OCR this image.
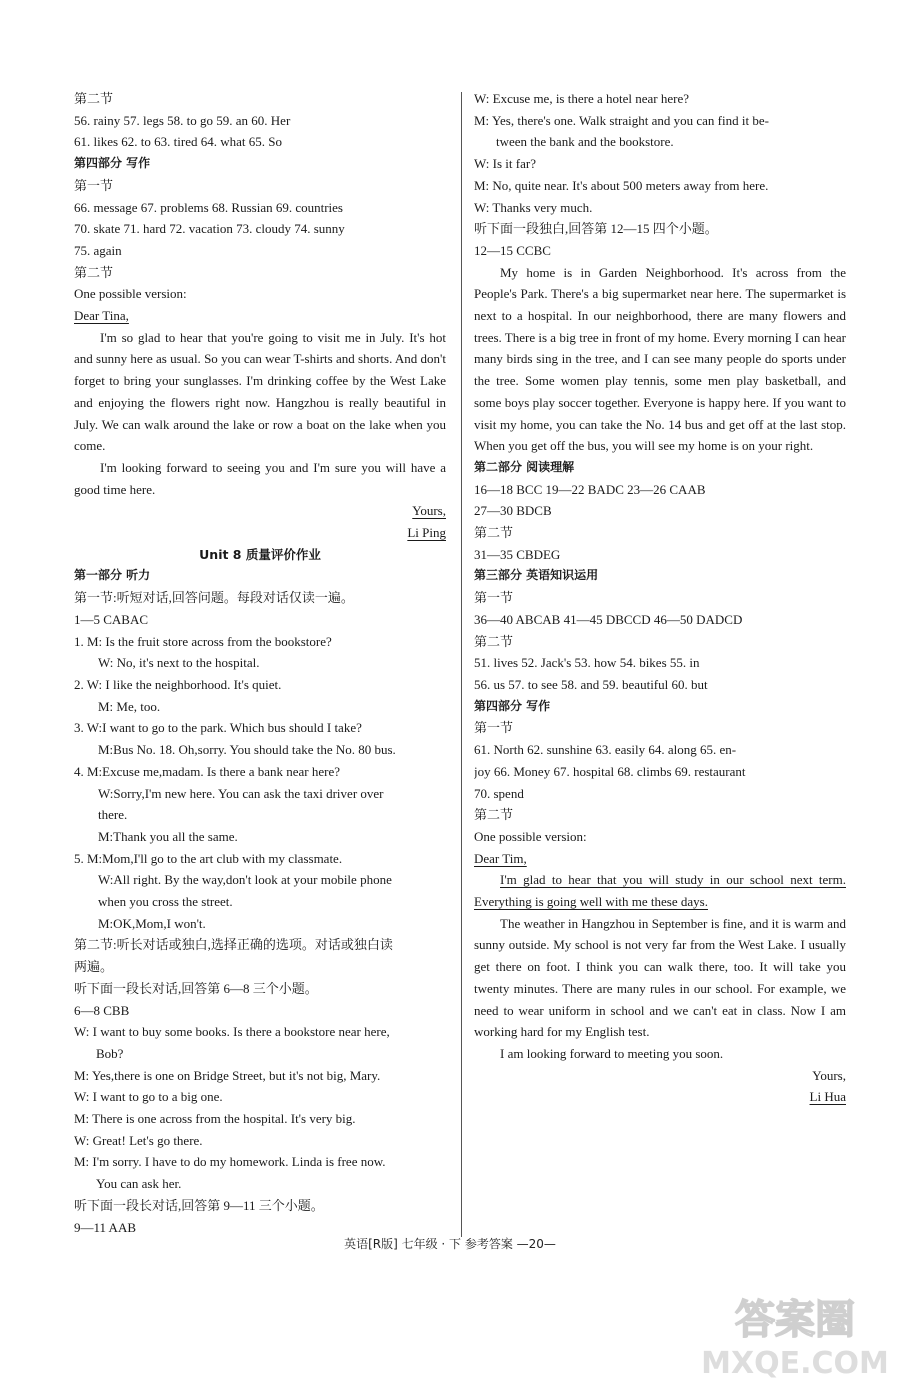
第二节
56. rainy 57. legs 58. to go 59. an 60. Her
61. likes 62. to 63. tired 64. what 65. So
第四部分 写作
第一节
66. message 67. problems 68. Russian 69. countries
70. skate 71. hard 72. vacation 73. cloudy 74. sunny
75. again
第二节
One possible version:
Dear Tina,
I'm so glad to hear that you're going to visit me in July. It's hot and sunny here as usual. So you can wear T-shirts and shorts. And don't forget to bring your sunglasses. I'm drinking coffee by the West Lake and enjoying the flowers right now. Hangzhou is really beautiful in July. We can walk around the lake or row a boat on the lake when you come.
I'm looking forward to seeing you and I'm sure you will have a good time here.
Yours,
Li Ping
Unit 8 质量评价作业
第一部分 听力
第一节:听短对话,回答问题。每段对话仅读一遍。
1—5 CABAC
1. M: Is the fruit store across from the bookstore?
W: No, it's next to the hospital.
2. W: I like the neighborhood. It's quiet.
M: Me, too.
3. W:I want to go to the park. Which bus should I take?
M:Bus No. 18. Oh,sorry. You should take the No. 80 bus.
4. M:Excuse me,madam. Is there a bank near here?
W:Sorry,I'm new here. You can ask the taxi driver over
there.
M:Thank you all the same.
5. M:Mom,I'll go to the art club with my classmate.
W:All right. By the way,don't look at your mobile phone
when you cross the street.
M:OK,Mom,I won't.
第二节:听长对话或独白,选择正确的选项。对话或独白读
两遍。
听下面一段长对话,回答第 6—8 三个小题。
6—8 CBB
W: I want to buy some books. Is there a bookstore near here,
Bob?
M: Yes,there is one on Bridge Street, but it's not big, Mary.
W: I want to go to a big one.
M: There is one across from the hospital. It's very big.
W: Great! Let's go there.
M: I'm sorry. I have to do my homework. Linda is free now.
You can ask her.
听下面一段长对话,回答第 9—11 三个小题。
9—11 AAB
W: Excuse me, is there a hotel near here?
M: Yes, there's one. Walk straight and you can find it be-
tween the bank and the bookstore.
W: Is it far?
M: No, quite near. It's about 500 meters away from here.
W: Thanks very much.
听下面一段独白,回答第 12—15 四个小题。
12—15 CCBC
My home is in Garden Neighborhood. It's across from the People's Park. There's a big supermarket near here. The supermarket is next to a hospital. In our neighborhood, there are many flowers and trees. There is a big tree in front of my home. Every morning I can hear many birds sing in the tree, and I can see many people do sports under the tree. Some women play tennis, some men play basketball, and some boys play soccer together. Everyone is happy here. If you want to visit my home, you can take the No. 14 bus and get off at the last stop. When you get off the bus, you will see my home is on your right.
第二部分 阅读理解
16—18 BCC 19—22 BADC 23—26 CAAB
27—30 BDCB
第二节
31—35 CBDEG
第三部分 英语知识运用
第一节
36—40 ABCAB 41—45 DBCCD 46—50 DADCD
第二节
51. lives 52. Jack's 53. how 54. bikes 55. in
56. us 57. to see 58. and 59. beautiful 60. but
第四部分 写作
第一节
61. North 62. sunshine 63. easily 64. along 65. en-
joy 66. Money 67. hospital 68. climbs 69. restaurant
70. spend
第二节
One possible version:
Dear Tim,
I'm glad to hear that you will study in our school next term. Everything is going well with me these days.
The weather in Hangzhou in September is fine, and it is warm and sunny outside. My school is not very far from the West Lake. I usually get there on foot. I think you can walk there, too. It will take you twenty minutes. There are many rules in our school. For example, we need to wear uniform in school and we can't eat in class. Now I am working hard for my English test.
I am looking forward to meeting you soon.
Yours,
Li Hua
英语[R版] 七年级 · 下 参考答案 —20—
答案圈
MXQE.COM
